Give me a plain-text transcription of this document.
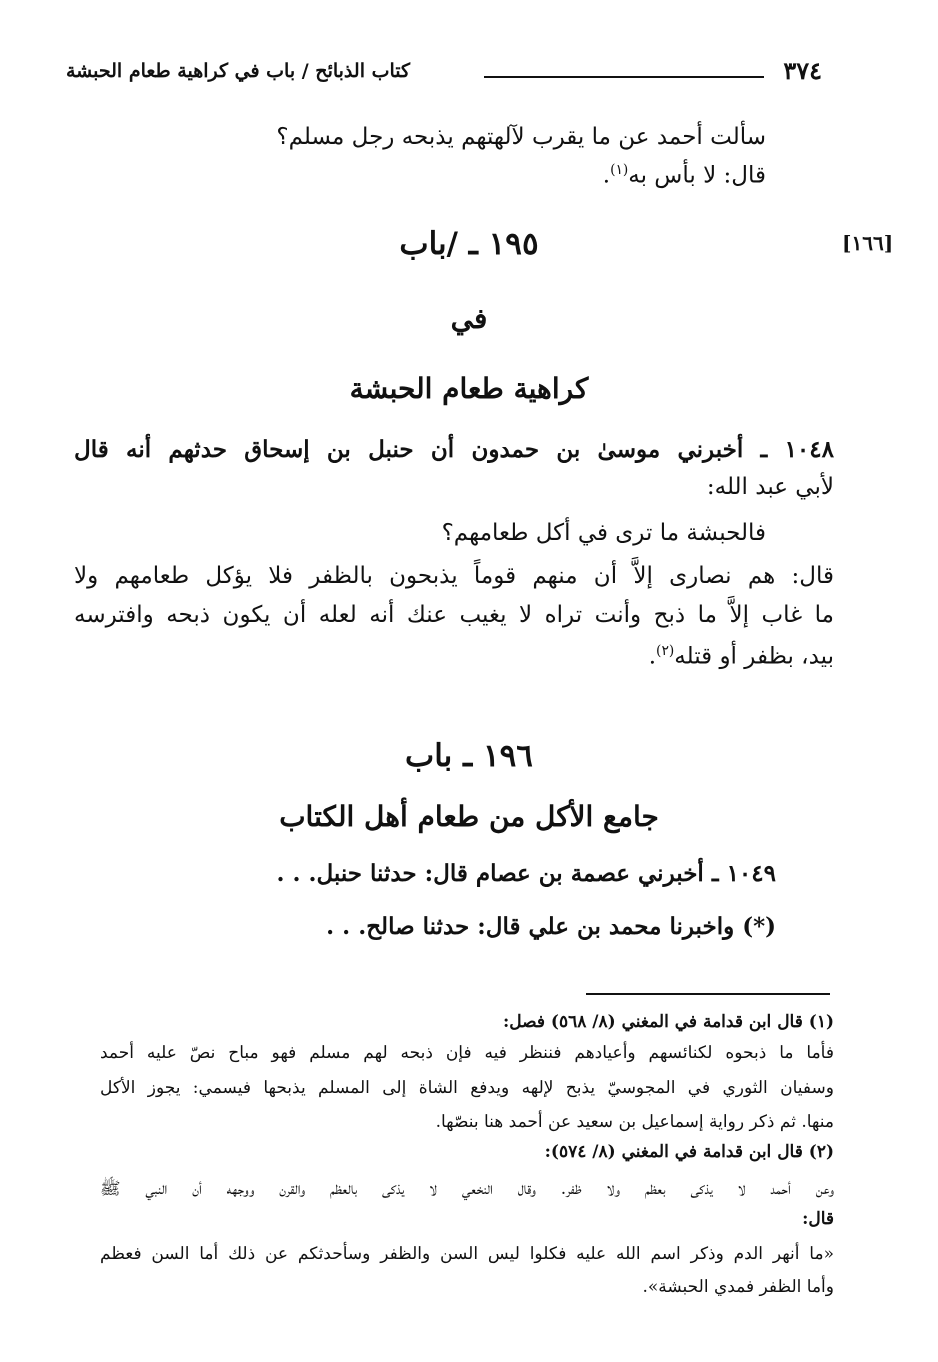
٣٧٤
كتاب الذبائح / باب في كراهية طعام الحبشة
سألت أحمد عن ما يقرب لآلهتهم يذبحه رجل مسلم؟
قال: لا بأس به$^{(١)}$.
[١٦٦]
١٩٥ ـ /باب
في
كراهية طعام الحبشة
١٠٤٨ ـ أخبرني موسىٰ بن حمدون أن حنبل بن إسحاق حدثهم أنه قال
لأبي عبد الله:
فالحبشة ما ترى في أكل طعامهم؟
قال: هم نصارى إلاَّ أن منهم قوماً يذبحون بالظفر فلا يؤكل طعامهم ولا
ما غاب إلاَّ ما ذبح وأنت تراه لا يغيب عنك أنه لعله أن يكون ذبحه وافترسه
بيد، بظفر أو قتله$^{(٢)}$.
١٩٦ ـ باب
جامع الأكل من طعام أهل الكتاب
١٠٤٩ ـ أخبرني عصمة بن عصام قال: حدثنا حنبل. . .
(*) واخبرنا محمد بن علي قال: حدثنا صالح. . .
(١) قال ابن قدامة في المغني (٨/ ٥٦٨) فصل:
فأما ما ذبحوه لكنائسهم وأعيادهم فننظر فيه فإن ذبحه لهم مسلم فهو مباح نصّ عليه أحمد
وسفيان الثوري في المجوسيّ يذبح لإلهه ويدفع الشاة إلى المسلم يذبحها فيسمي: يجوز الأكل
منها. ثم ذكر رواية إسماعيل بن سعيد عن أحمد هنا بنصّها.
(٢) قال ابن قدامة في المغني (٨/ ٥٧٤):
وعن أحمد لا يذكى بعظم ولا ظفر. وقال النخعي لا يذكى بالعظم والقرن ووجهه أن النبي ﷺ
قال:
«ما أنهر الدم وذكر اسم الله عليه فكلوا ليس السن والظفر وسأحدثكم عن ذلك أما السن فعظم
وأما الظفر فمدي الحبشة».
